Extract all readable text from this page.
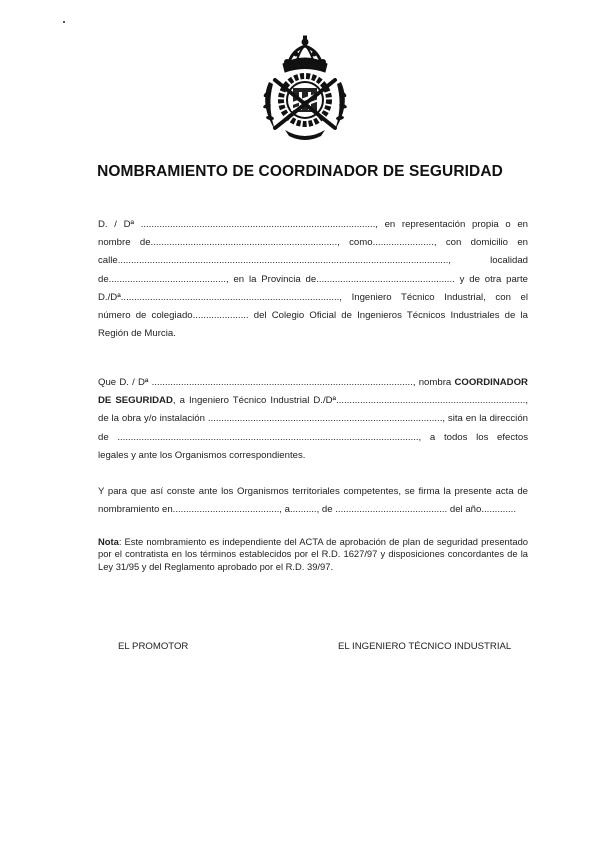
NOMBRAMIENTO DE COORDINADOR DE SEGURIDAD

D. / Dª ........................................................................................, en representación propia o en nombre de......................................................................, como......................., con domicilio en calle............................................................................................................................, localidad de............................................, en la Provincia de.................................................... y de otra parte D./Dª.................................................................................., Ingeniero Técnico Industrial, con el número de colegiado..................... del Colegio Oficial de Ingenieros Técnicos Industriales de la Región de Murcia.

Que D. / Dª .................................................................................................., nombra COORDINADOR DE SEGURIDAD, a Ingeniero Técnico Industrial D./Dª......................................................................., de la obra y/o instalación ........................................................................................, sita en la dirección de ................................................................................................................., a todos los efectos legales y ante los Organismos correspondientes.

Y para que así conste ante los Organismos territoriales competentes, se firma la presente acta de nombramiento en........................................, a.........., de .......................................... del año.............

Nota: Este nombramiento es independiente del ACTA de aprobación de plan de seguridad presentado por el contratista en los términos establecidos por el R.D. 1627/97 y disposiciones concordantes de la Ley 31/95 y del Reglamento aprobado por el R.D. 39/97.

EL PROMOTOR	EL INGENIERO TÉCNICO INDUSTRIAL
